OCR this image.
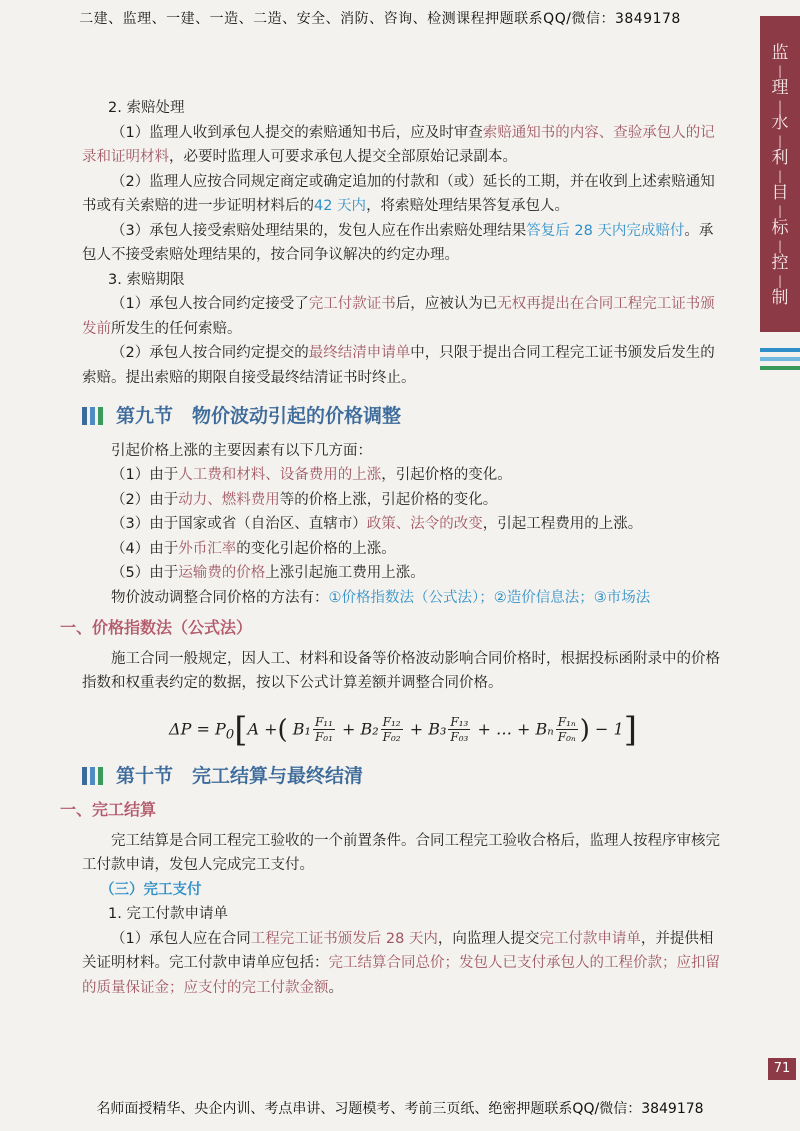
二建、监理、一建、一造、二造、安全、消防、咨询、检测课程押题联系QQ/微信：3849178
监
|
理
|
水
|
利
|
目
|
标
|
控
|
制

2. 索赔处理

（1）监理人收到承包人提交的索赔通知书后，应及时审查索赔通知书的内容、查验承包人的记录和证明材料，必要时监理人可要求承包人提交全部原始记录副本。

（2）监理人应按合同规定商定或确定追加的付款和（或）延长的工期，并在收到上述索赔通知书或有关索赔的进一步证明材料后的42 天内，将索赔处理结果答复承包人。

（3）承包人接受索赔处理结果的，发包人应在作出索赔处理结果答复后 28 天内完成赔付。承包人不接受索赔处理结果的，按合同争议解决的约定办理。

3. 索赔期限

（1）承包人按合同约定接受了完工付款证书后，应被认为已无权再提出在合同工程完工证书颁发前所发生的任何索赔。

（2）承包人按合同约定提交的最终结清申请单中，只限于提出合同工程完工证书颁发后发生的索赔。提出索赔的期限自接受最终结清证书时终止。

第九节　物价波动引起的价格调整

引起价格上涨的主要因素有以下几方面：

（1）由于人工费和材料、设备费用的上涨，引起价格的变化。

（2）由于动力、燃料费用等的价格上涨，引起价格的变化。

（3）由于国家或省（自治区、直辖市）政策、法令的改变，引起工程费用的上涨。

（4）由于外币汇率的变化引起价格的上涨。

（5）由于运输费的价格上涨引起施工费用上涨。

物价波动调整合同价格的方法有：①价格指数法（公式法）；②造价信息法；③市场法

一、价格指数法（公式法）

施工合同一般规定，因人工、材料和设备等价格波动影响合同价格时，根据投标函附录中的价格指数和权重表约定的数据，按以下公式计算差额并调整合同价格。

$\Delta P = P_0[A$ +( $B_1 \frac{\text{F₁₁}}{\text{F₀₁}} + B_2 \frac{\text{F₁₂}}{\text{F₀₂}} + B_3 \frac{\text{F₁₃}}{\text{F₀₃}}$ + … + Bₙ $\frac{\text{F₁ₙ}}{\text{F₀ₙ}}$ ) − 1]
第十节　完工结算与最终结清

一、完工结算

完工结算是合同工程完工验收的一个前置条件。合同工程完工验收合格后，监理人按程序审核完工付款申请，发包人完成完工支付。

（三）完工支付

1. 完工付款申请单

（1）承包人应在合同工程完工证书颁发后 28 天内，向监理人提交完工付款申请单，并提供相关证明材料。完工付款申请单应包括：完工结算合同总价；发包人已支付承包人的工程价款；应扣留的质量保证金；应支付的完工付款金额。

71
名师面授精华、央企内训、考点串讲、习题模考、考前三页纸、绝密押题联系QQ/微信：3849178
